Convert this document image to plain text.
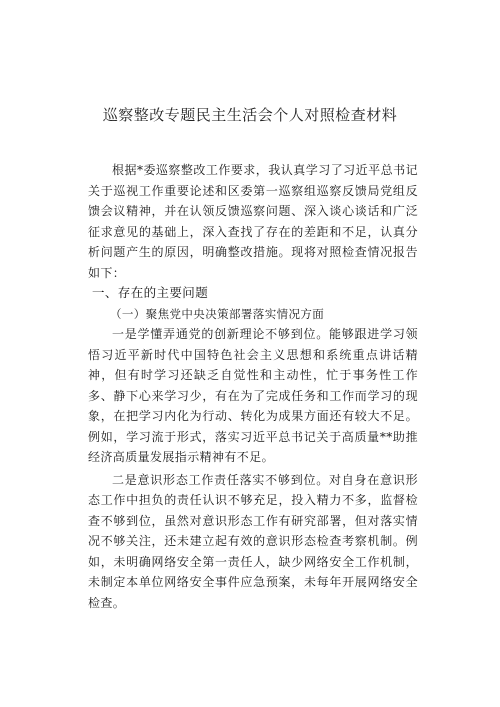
巡察整改专题民主生活会个人对照检查材料

根据*委巡察整改工作要求，我认真学习了习近平总书记关于巡视工作重要论述和区委第一巡察组巡察反馈局党组反馈会议精神，并在认领反馈巡察问题、深入谈心谈话和广泛征求意见的基础上，深入查找了存在的差距和不足，认真分析问题产生的原因，明确整改措施。现将对照检查情况报告如下：

一、存在的主要问题

（一）聚焦党中央决策部署落实情况方面

一是学懂弄通党的创新理论不够到位。能够跟进学习领悟习近平新时代中国特色社会主义思想和系统重点讲话精神，但有时学习还缺乏自觉性和主动性，忙于事务性工作多、静下心来学习少，有在为了完成任务和工作而学习的现象，在把学习内化为行动、转化为成果方面还有较大不足。例如，学习流于形式，落实习近平总书记关于高质量**助推经济高质量发展指示精神有不足。

二是意识形态工作责任落实不够到位。对自身在意识形态工作中担负的责任认识不够充足，投入精力不多，监督检查不够到位，虽然对意识形态工作有研究部署，但对落实情况不够关注，还未建立起有效的意识形态检查考察机制。例如，未明确网络安全第一责任人，缺少网络安全工作机制，未制定本单位网络安全事件应急预案，未每年开展网络安全检查。
